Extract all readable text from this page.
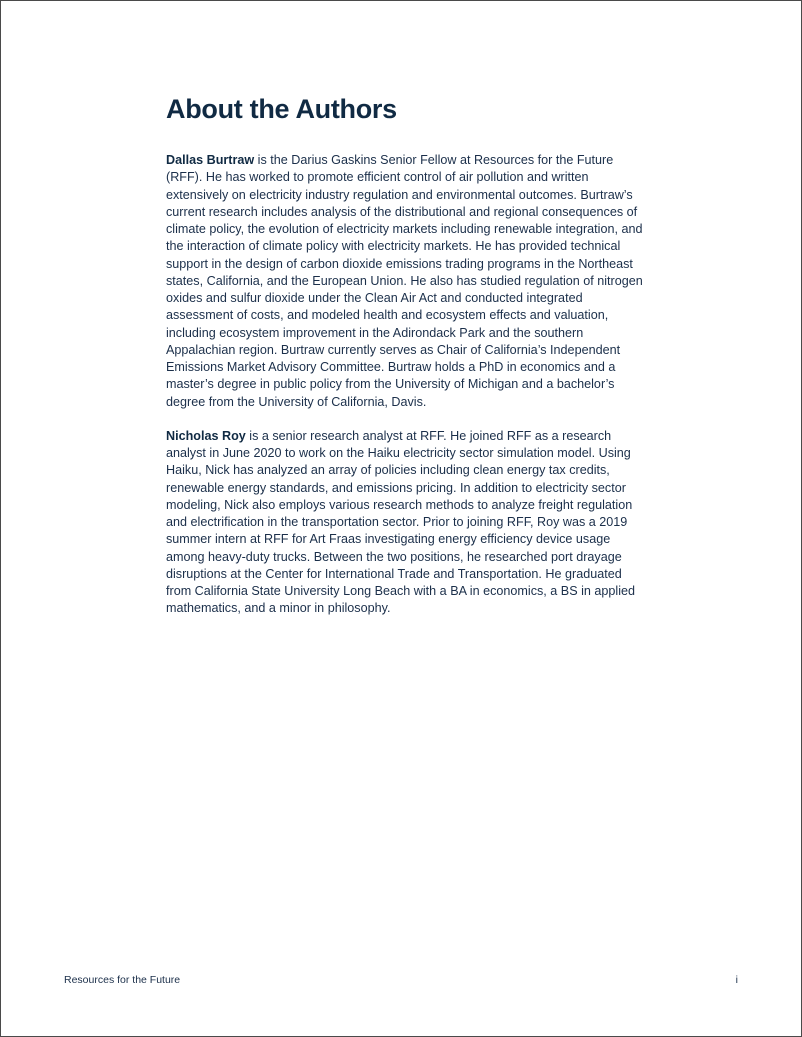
About the Authors

Dallas Burtraw is the Darius Gaskins Senior Fellow at Resources for the Future (RFF). He has worked to promote efficient control of air pollution and written extensively on electricity industry regulation and environmental outcomes. Burtraw’s current research includes analysis of the distributional and regional consequences of climate policy, the evolution of electricity markets including renewable integration, and the interaction of climate policy with electricity markets. He has provided technical support in the design of carbon dioxide emissions trading programs in the Northeast states, California, and the European Union. He also has studied regulation of nitrogen oxides and sulfur dioxide under the Clean Air Act and conducted integrated assessment of costs, and modeled health and ecosystem effects and valuation, including ecosystem improvement in the Adirondack Park and the southern Appalachian region. Burtraw currently serves as Chair of California’s Independent Emissions Market Advisory Committee. Burtraw holds a PhD in economics and a master’s degree in public policy from the University of Michigan and a bachelor’s degree from the University of California, Davis.

Nicholas Roy is a senior research analyst at RFF. He joined RFF as a research analyst in June 2020 to work on the Haiku electricity sector simulation model. Using Haiku, Nick has analyzed an array of policies including clean energy tax credits, renewable energy standards, and emissions pricing. In addition to electricity sector modeling, Nick also employs various research methods to analyze freight regulation and electrification in the transportation sector. Prior to joining RFF, Roy was a 2019 summer intern at RFF for Art Fraas investigating energy efficiency device usage among heavy-duty trucks. Between the two positions, he researched port drayage disruptions at the Center for International Trade and Transportation. He graduated from California State University Long Beach with a BA in economics, a BS in applied mathematics, and a minor in philosophy.

Resources for the Future	i
